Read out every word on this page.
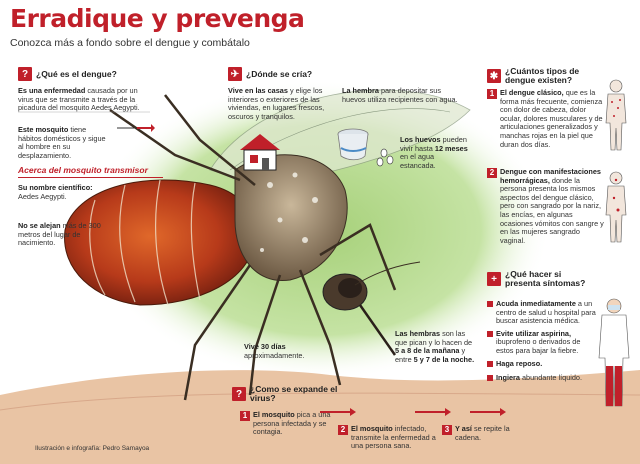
Erradique y prevenga
Conozca más a fondo sobre el dengue y combátalo
? ¿Qué es el dengue?
Es una enfermedad causada por un virus que se transmite a través de la picadura del mosquito Aedes Aegypti.
Este mosquito tiene hábitos domésticos y sigue al hombre en su desplazamiento.
Acerca del mosquito transmisor
Su nombre científico:
Aedes Aegypti.
No se alejan más de 300 metros del lugar de nacimiento.
✈ ¿Dónde se cría?
Vive en las casas y elige los interiores o exteriores de las viviendas, en lugares frescos, oscuros y tranquilos.
La hembra para depositar sus huevos utiliza recipientes con agua.
Los huevos pueden vivir hasta 12 meses en el agua estancada.
Vive 30 días aproximadamente.
Las hembras son las que pican y lo hacen de 5 a 8 de la mañana y entre 5 y 7 de la noche.
✱ ¿Cuántos tipos de dengue existen?
1 El dengue clásico, que es la forma más frecuente, comienza con dolor de cabeza, dolor ocular, dolores musculares y de articulaciones generalizados y manchas rojas en la piel que duran dos días.
2 Dengue con manifestaciones hemorrágicas, donde la persona presenta los mismos aspectos del dengue clásico, pero con sangrado por la nariz, las encías, en algunas ocasiones vómitos con sangre y en las mujeres sangrado vaginal.
+ ¿Qué hacer si presenta síntomas?
Acuda inmediatamente a un centro de salud u hospital para buscar asistencia médica.
Evite utilizar aspirina, ibuprofeno o derivados de estos para bajar la fiebre.
Haga reposo.
Ingiera abundante líquido.
? ¿Como se expande el virus?
1 El mosquito pica a una persona infectada y se contagia.	2 El mosquito infectado, transmite la enfermedad a una persona sana.
3 Y así se repite la cadena.
Ilustración e infografía: Pedro Samayoa
